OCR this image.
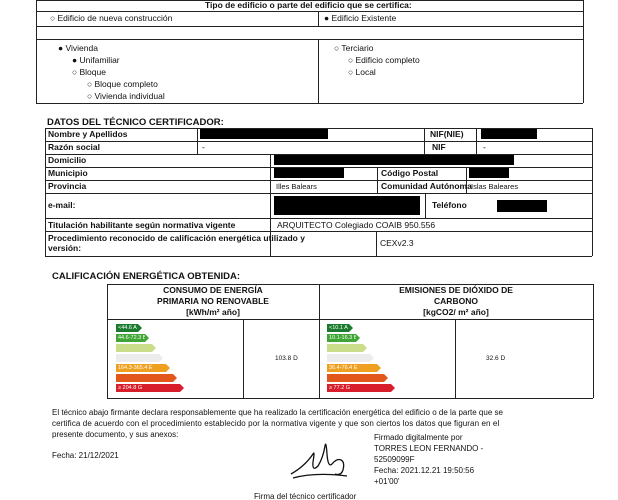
Tipo de edificio o parte del edificio que se certifica:
○ Edificio de nueva construcción	● Edificio Existente
● Vivienda
● Unifamiliar
○ Bloque
○ Bloque completo
○ Vivienda individual
○ Terciario
○ Edificio completo
○ Local
DATOS DEL TÉCNICO CERTIFICADOR:
Nombre y Apellidos	NIF(NIE)
Razón social	-	NIF	-
Domicilio
Municipio	Código Postal
Provincia	Illes Balears	Comunidad Autónoma Islas Baleares
e-mail:	Teléfono
Titulación habilitante según normativa vigente	ARQUITECTO Colegiado COAIB 950.556
Procedimiento reconocido de calificación energética utilizado y
versión:	CEXv2.3
CALIFICACIÓN ENERGÉTICA OBTENIDA:
CONSUMO DE ENERGÍA
PRIMARIA NO RENOVABLE
[kWh/m² año]
EMISIONES DE DIÓXIDO DE
CARBONO
[kgCO2/ m² año]
<44.6 A
44.6-72.3 B
164.3-365.4 E
≥ 204.8 G
<10.1 A
10.1-16.3 B
36.4-76.4 E
≥ 77.2 G
103.8 D	32.6 D
El técnico abajo firmante declara responsablemente que ha realizado la certificación energética del edificio o de la parte que se
certifica de acuerdo con el procedimiento establecido por la normativa vigente y que son ciertos los datos que figuran en el
presente documento, y sus anexos:
Fecha: 21/12/2021
Firmado digitalmente por
TORRES LEON FERNANDO -
52509099F
Fecha: 2021.12.21 19:50:56
+01'00'
Firma del técnico certificador
